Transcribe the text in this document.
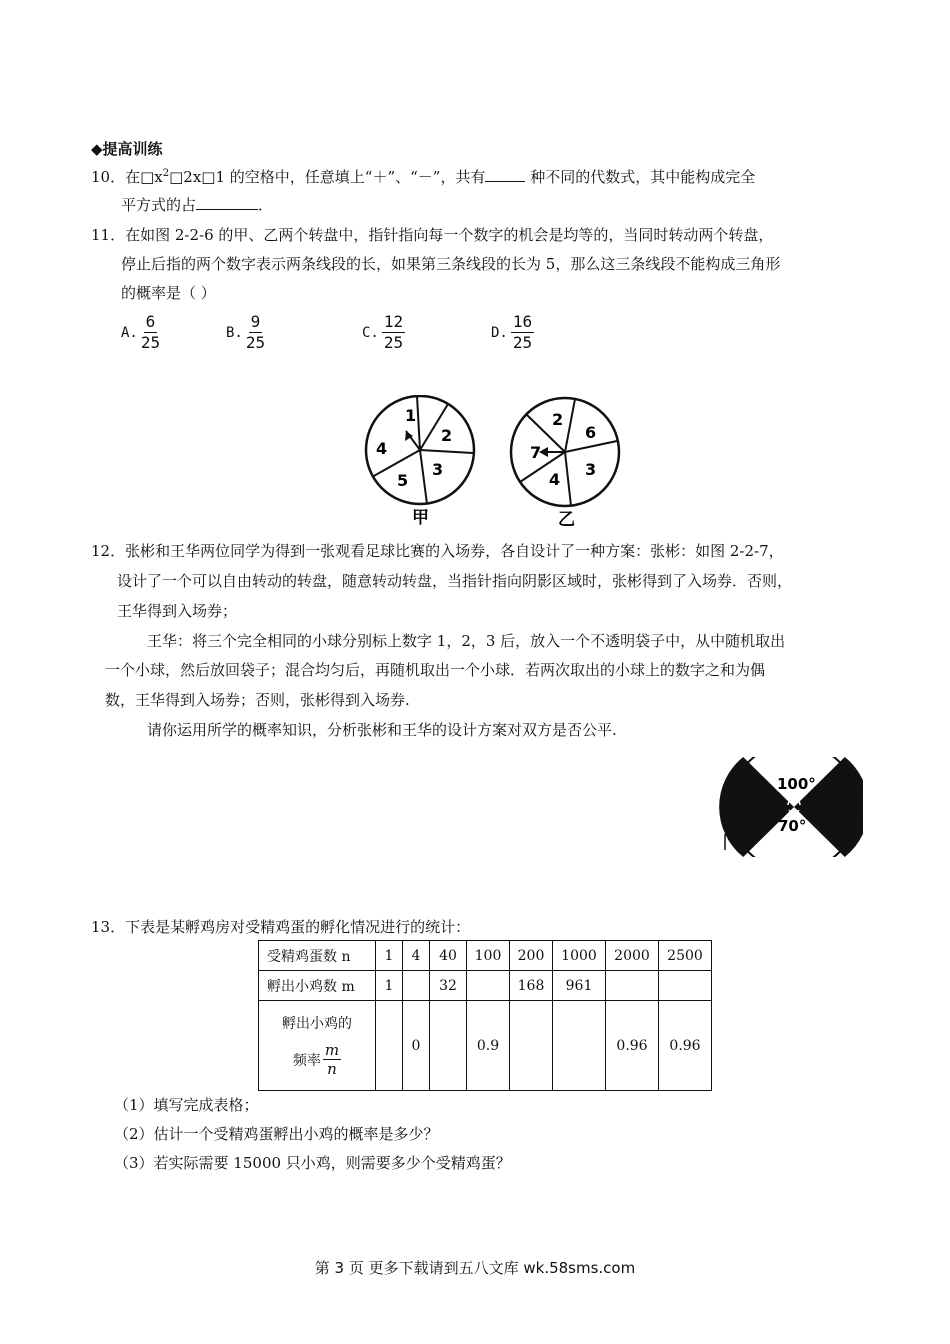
◆提高训练
10．在$□x^2□2x□1$ 的空格中，任意填上“＋”、“－”，共有	种不同的代数式，其中能构成完全
平方式的占	．
11．在如图 2-2-6 的甲、乙两个转盘中，指针指向每一个数字的机会是均等的，当同时转动两个转盘，
停止后指的两个数字表示两条线段的长，如果第三条线段的长为 5，那么这三条线段不能构成三角形
的概率是（ ）
A. $\frac{6}{25}$	B. $\frac{9}{25}$	C. $\frac{12}{25}$	D. $\frac{16}{25}$
1
2
3
5
4
甲
2
6
3
4
7
乙
12．张彬和王华两位同学为得到一张观看足球比赛的入场券，各自设计了一种方案：张彬：如图 2-2-7，
设计了一个可以自由转动的转盘，随意转动转盘，当指针指向阴影区域时，张彬得到了入场券．否则，
王华得到入场券；
王华：将三个完全相同的小球分别标上数字 1，2，3 后，放入一个不透明袋子中，从中随机取出
一个小球，然后放回袋子；混合均匀后，再随机取出一个小球．若两次取出的小球上的数字之和为偶
数，王华得到入场券；否则，张彬得到入场券.
请你运用所学的概率知识，分析张彬和王华的设计方案对双方是否公平.
100°
70°
13．下表是某孵鸡房对受精鸡蛋的孵化情况进行的统计：
受精鸡蛋数 n	1	4	40	100	200	1000	2000	2500
孵出小鸡数 m	1		32		168	961		

孵出小鸡的
频率 $\frac{m}{n}$		0		0.9			0.96	0.96
（1）填写完成表格；
（2）估计一个受精鸡蛋孵出小鸡的概率是多少？
（3）若实际需要 15000 只小鸡，则需要多少个受精鸡蛋？
第 3 页 更多下载请到五八文库 wk.58sms.com
